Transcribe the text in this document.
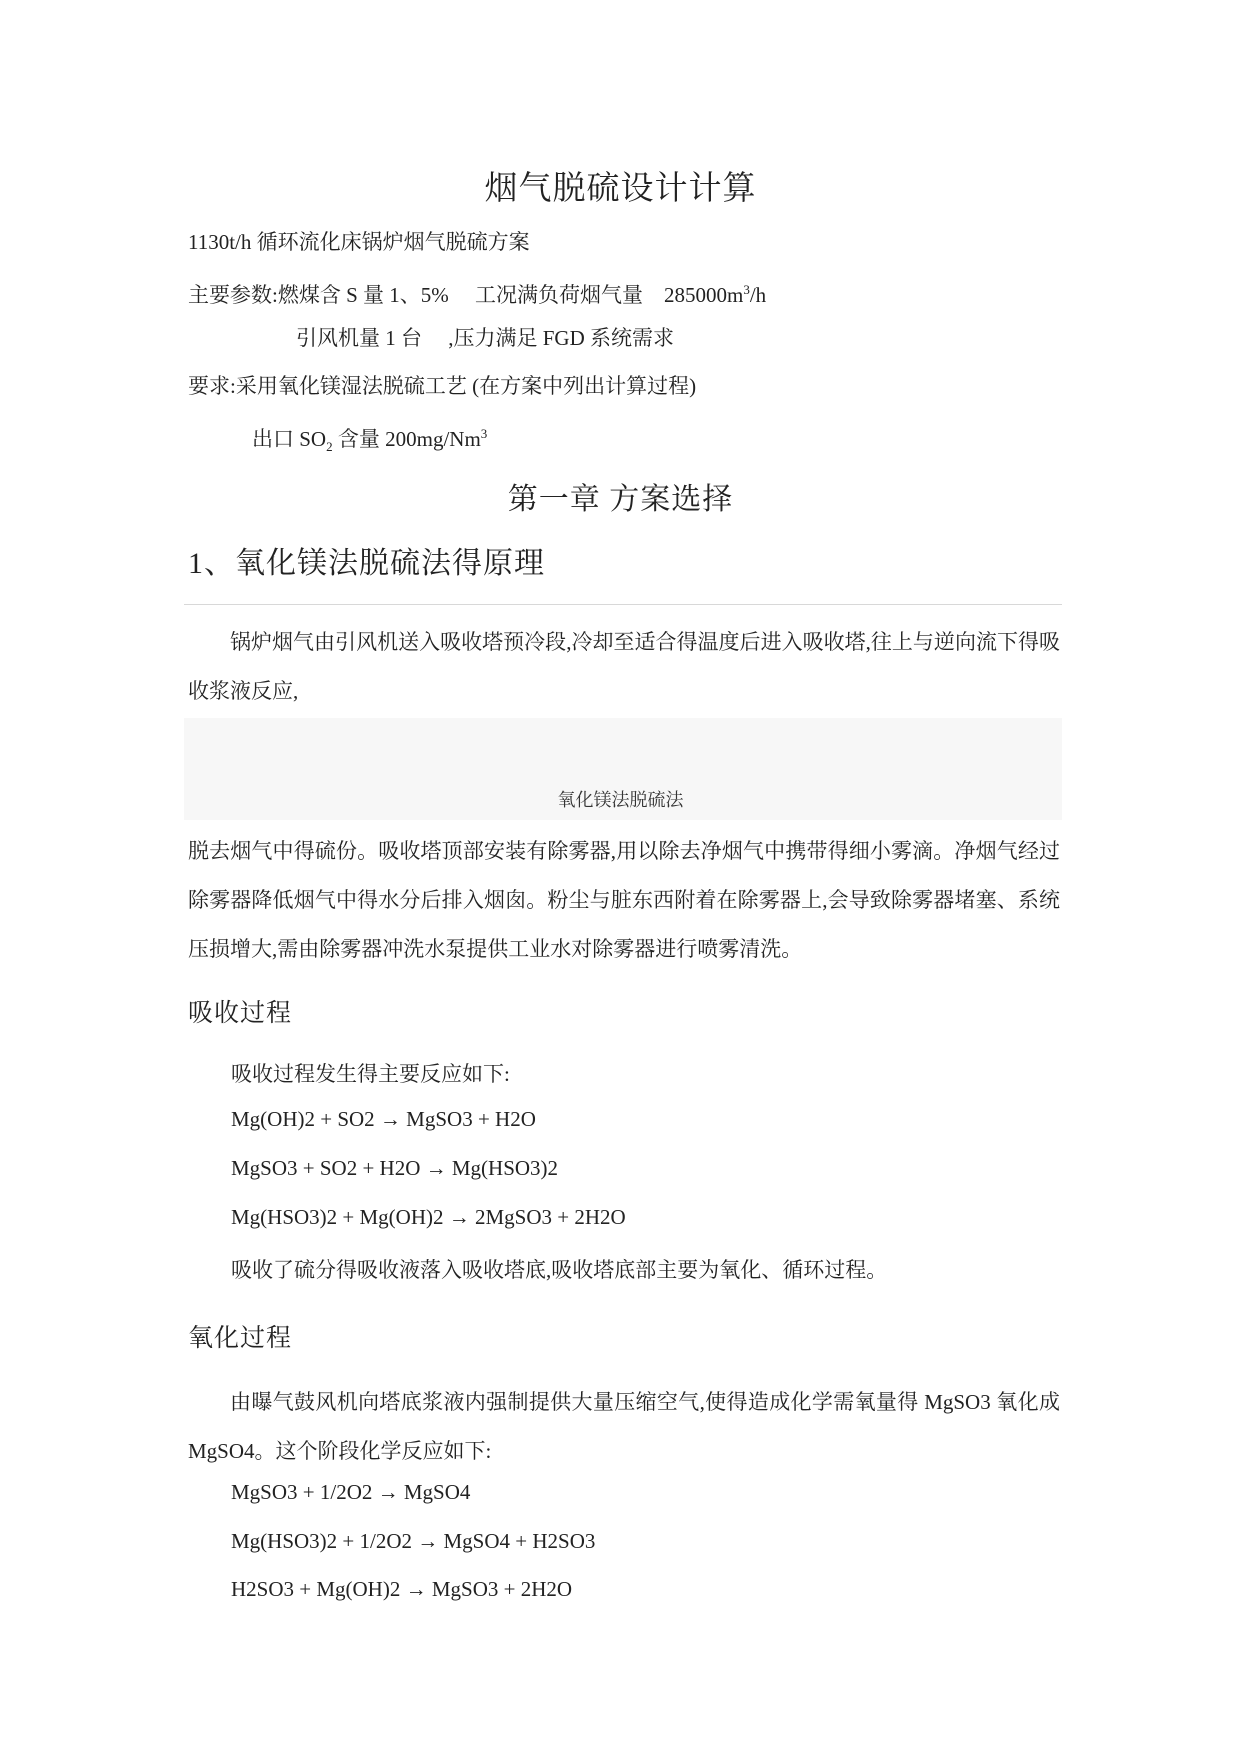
烟气脱硫设计计算
1130t/h 循环流化床锅炉烟气脱硫方案
主要参数:燃煤含 S 量 1、5%　 工况满负荷烟气量　$285000m^3/h$
引风机量 1 台　 ,压力满足 FGD 系统需求
要求:采用氧化镁湿法脱硫工艺 (在方案中列出计算过程)
出口 $SO_2$ 含量 200mg/Nm$^3$
第一章 方案选择
1、氧化镁法脱硫法得原理
锅炉烟气由引风机送入吸收塔预冷段,冷却至适合得温度后进入吸收塔,往上与逆向流下得吸收浆液反应,
氧化镁法脱硫法
脱去烟气中得硫份。吸收塔顶部安装有除雾器,用以除去净烟气中携带得细小雾滴。净烟气经过除雾器降低烟气中得水分后排入烟囱。粉尘与脏东西附着在除雾器上,会导致除雾器堵塞、系统压损增大,需由除雾器冲洗水泵提供工业水对除雾器进行喷雾清洗。
吸收过程
吸收过程发生得主要反应如下:
Mg(OH)2 + SO2 → MgSO3 + H2O
MgSO3 + SO2 + H2O → Mg(HSO3)2
Mg(HSO3)2 + Mg(OH)2 → 2MgSO3 + 2H2O
吸收了硫分得吸收液落入吸收塔底,吸收塔底部主要为氧化、循环过程。
氧化过程
由曝气鼓风机向塔底浆液内强制提供大量压缩空气,使得造成化学需氧量得 MgSO3 氧化成 MgSO4。这个阶段化学反应如下:
MgSO3 + 1/2O2 → MgSO4
Mg(HSO3)2 + 1/2O2 → MgSO4 + H2SO3
H2SO3 + Mg(OH)2 → MgSO3 + 2H2O
